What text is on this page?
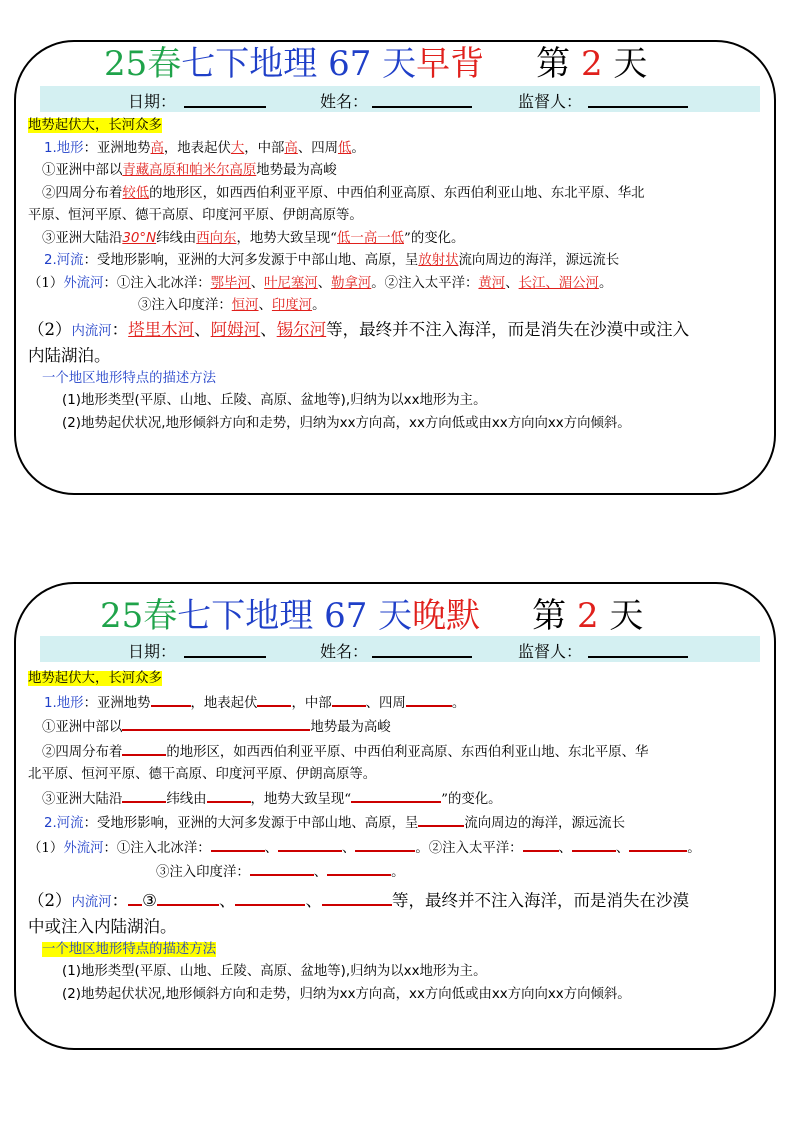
25春七下地理 67 天早背 第 2 天
日期：	姓名：	监督人：
地势起伏大，长河众多
1.地形：亚洲地势高，地表起伏大，中部高、四周低。
①亚洲中部以青藏高原和帕米尔高原地势最为高峻
②四周分布着较低的地形区，如西西伯利亚平原、中西伯利亚高原、东西伯利亚山地、东北平原、华北
平原、恒河平原、德干高原、印度河平原、伊朗高原等。
③亚洲大陆沿30°N纬线由西向东，地势大致呈现“低一高一低”的变化。
2.河流：受地形影响，亚洲的大河多发源于中部山地、高原，呈放射状流向周边的海洋，源远流长
（1）外流河：①注入北冰洋：鄂毕河、叶尼塞河、勒拿河。②注入太平洋：黄河、长江、湄公河。
③注入印度洋：恒河、印度河。
（2）内流河：塔里木河、阿姆河、锡尔河等，最终并不注入海洋，而是消失在沙漠中或注入
内陆湖泊。
一个地区地形特点的描述方法
(1)地形类型(平原、山地、丘陵、高原、盆地等),归纳为以xx地形为主。
(2)地势起伏状况,地形倾斜方向和走势，归纳为xx方向高，xx方向低或由xx方向向xx方向倾斜。
25春七下地理 67 天晚默 第 2 天
日期：	姓名：	监督人：
地势起伏大，长河众多
1.地形：亚洲地势	，地表起伏	，中部	、四周	。
①亚洲中部以	地势最为高峻
②四周分布着	的地形区，如西西伯利亚平原、中西伯利亚高原、东西伯利亚山地、东北平原、华
北平原、恒河平原、德干高原、印度河平原、伊朗高原等。
③亚洲大陆沿	纬线由	，地势大致呈现“	”的变化。
2.河流：受地形影响，亚洲的大河多发源于中部山地、高原，呈	流向周边的海洋，源远流长
（1）外流河：①注入北冰洋：	、	、	。②注入太平洋：	、	、	。
③注入印度洋：	、	。
（2）内流河： ③	、	、	等，最终并不注入海洋，而是消失在沙漠
中或注入内陆湖泊。
一个地区地形特点的描述方法
(1)地形类型(平原、山地、丘陵、高原、盆地等),归纳为以xx地形为主。
(2)地势起伏状况,地形倾斜方向和走势，归纳为xx方向高，xx方向低或由xx方向向xx方向倾斜。
